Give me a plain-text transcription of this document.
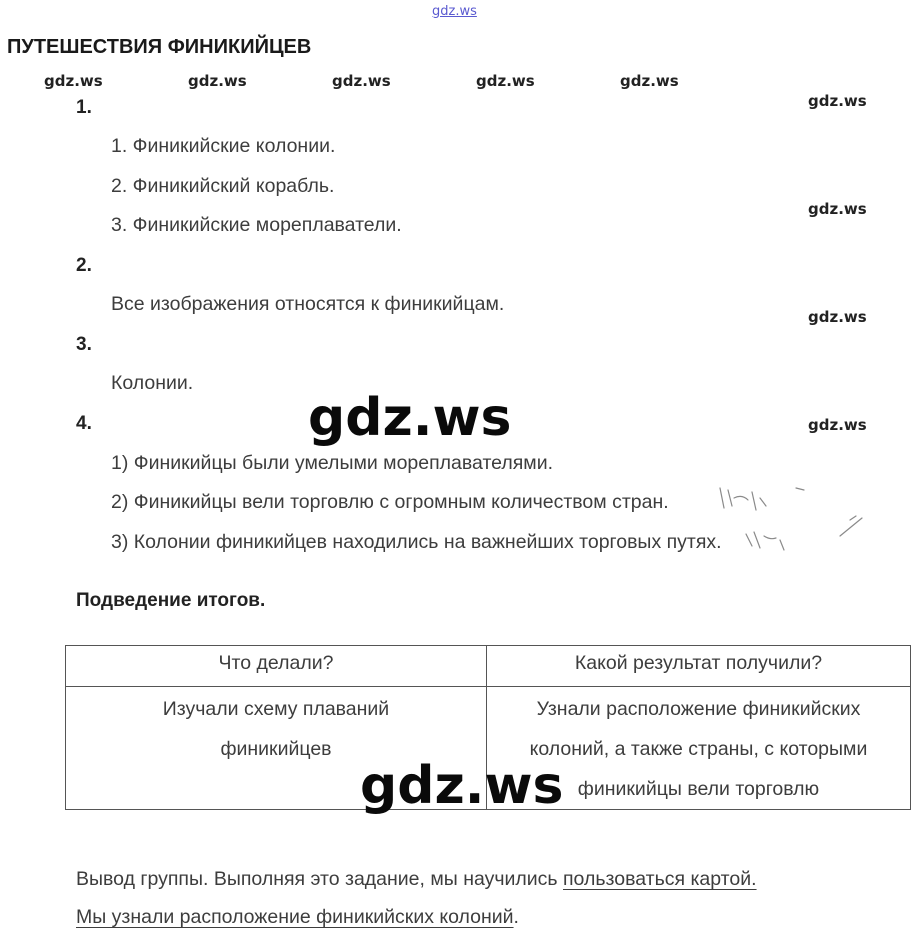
gdz.ws
ПУТЕШЕСТВИЯ ФИНИКИЙЦЕВ
gdz.ws	gdz.ws	gdz.ws	gdz.ws	gdz.ws
gdz.ws
gdz.ws
gdz.ws
gdz.ws
1.
1. Финикийские колонии.
2. Финикийский корабль.
3. Финикийские мореплаватели.
2.
Все изображения относятся к финикийцам.
3.
Колонии.
4.
1) Финикийцы были умелыми мореплавателями.
2) Финикийцы вели торговлю с огромным количеством стран.
3) Колонии финикийцев находились на важнейших торговых путях.
gdz.ws
Подведение итогов.
Что делали?	Какой результат получили?
Изучали схему плаваний финикийцев	Узнали расположение финикийских колоний, а также страны, с которыми финикийцы вели торговлю
gdz.ws
Вывод группы. Выполняя это задание, мы научились пользоваться картой.
Мы узнали расположение финикийских колоний.
